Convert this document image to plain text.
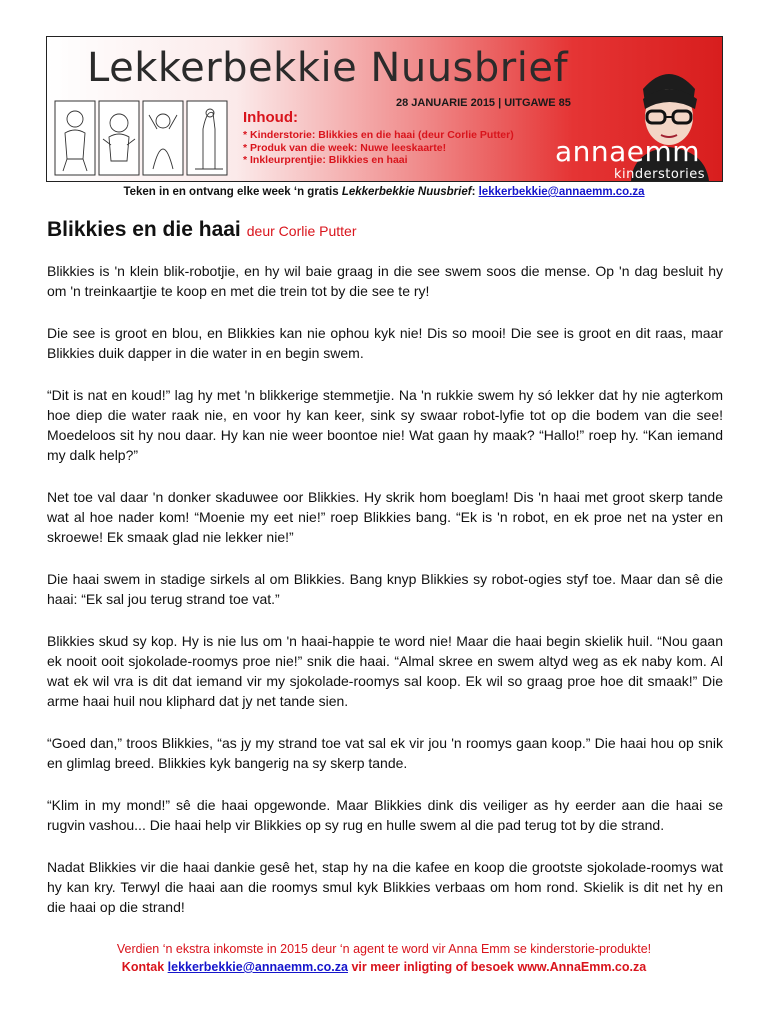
Lekkerbekkie Nuusbrief
28 JANUARIE 2015 | UITGAWE 85
Inhoud:
* Kinderstorie: Blikkies en die haai (deur Corlie Putter)
* Produk van die week: Nuwe leeskaarte!
* Inkleurprentjie: Blikkies en haai	annaemm
kinderstories
Teken in en ontvang elke week ‘n gratis Lekkerbekkie Nuusbrief: lekkerbekkie@annaemm.co.za
Blikkies en die haai deur Corlie Putter

Blikkies is 'n klein blik-robotjie, en hy wil baie graag in die see swem soos die mense. Op 'n dag besluit hy om 'n treinkaartjie te koop en met die trein tot by die see te ry!

Die see is groot en blou, en Blikkies kan nie ophou kyk nie! Dis so mooi! Die see is groot en dit raas, maar Blikkies duik dapper in die water in en begin swem.

“Dit is nat en koud!” lag hy met 'n blikkerige stemmetjie. Na 'n rukkie swem hy só lekker dat hy nie agterkom hoe diep die water raak nie, en voor hy kan keer, sink sy swaar robot-lyfie tot op die bodem van die see! Moedeloos sit hy nou daar. Hy kan nie weer boontoe nie! Wat gaan hy maak? “Hallo!” roep hy. “Kan iemand my dalk help?”

Net toe val daar 'n donker skaduwee oor Blikkies. Hy skrik hom boeglam! Dis 'n haai met groot skerp tande wat al hoe nader kom! “Moenie my eet nie!” roep Blikkies bang. “Ek is 'n robot, en ek proe net na yster en skroewe! Ek smaak glad nie lekker nie!”

Die haai swem in stadige sirkels al om Blikkies. Bang knyp Blikkies sy robot-ogies styf toe. Maar dan sê die haai: “Ek sal jou terug strand toe vat.”

Blikkies skud sy kop. Hy is nie lus om 'n haai-happie te word nie! Maar die haai begin skielik huil. “Nou gaan ek nooit ooit sjokolade-roomys proe nie!” snik die haai. “Almal skree en swem altyd weg as ek naby kom. Al wat ek wil vra is dit dat iemand vir my sjokolade-roomys sal koop. Ek wil so graag proe hoe dit smaak!” Die arme haai huil nou kliphard dat jy net tande sien.

“Goed dan,” troos Blikkies, “as jy my strand toe vat sal ek vir jou 'n roomys gaan koop.” Die haai hou op snik en glimlag breed. Blikkies kyk bangerig na sy skerp tande.

“Klim in my mond!” sê die haai opgewonde. Maar Blikkies dink dis veiliger as hy eerder aan die haai se rugvin vashou... Die haai help vir Blikkies op sy rug en hulle swem al die pad terug tot by die strand.

Nadat Blikkies vir die haai dankie gesê het, stap hy na die kafee en koop die grootste sjokolade-roomys wat hy kan kry. Terwyl die haai aan die roomys smul kyk Blikkies verbaas om hom rond. Skielik is dit net hy en die haai op die strand!

Verdien ‘n ekstra inkomste in 2015 deur ‘n agent te word vir Anna Emm se kinderstorie-produkte!
Kontak lekkerbekkie@annaemm.co.za vir meer inligting of besoek www.AnnaEmm.co.za
